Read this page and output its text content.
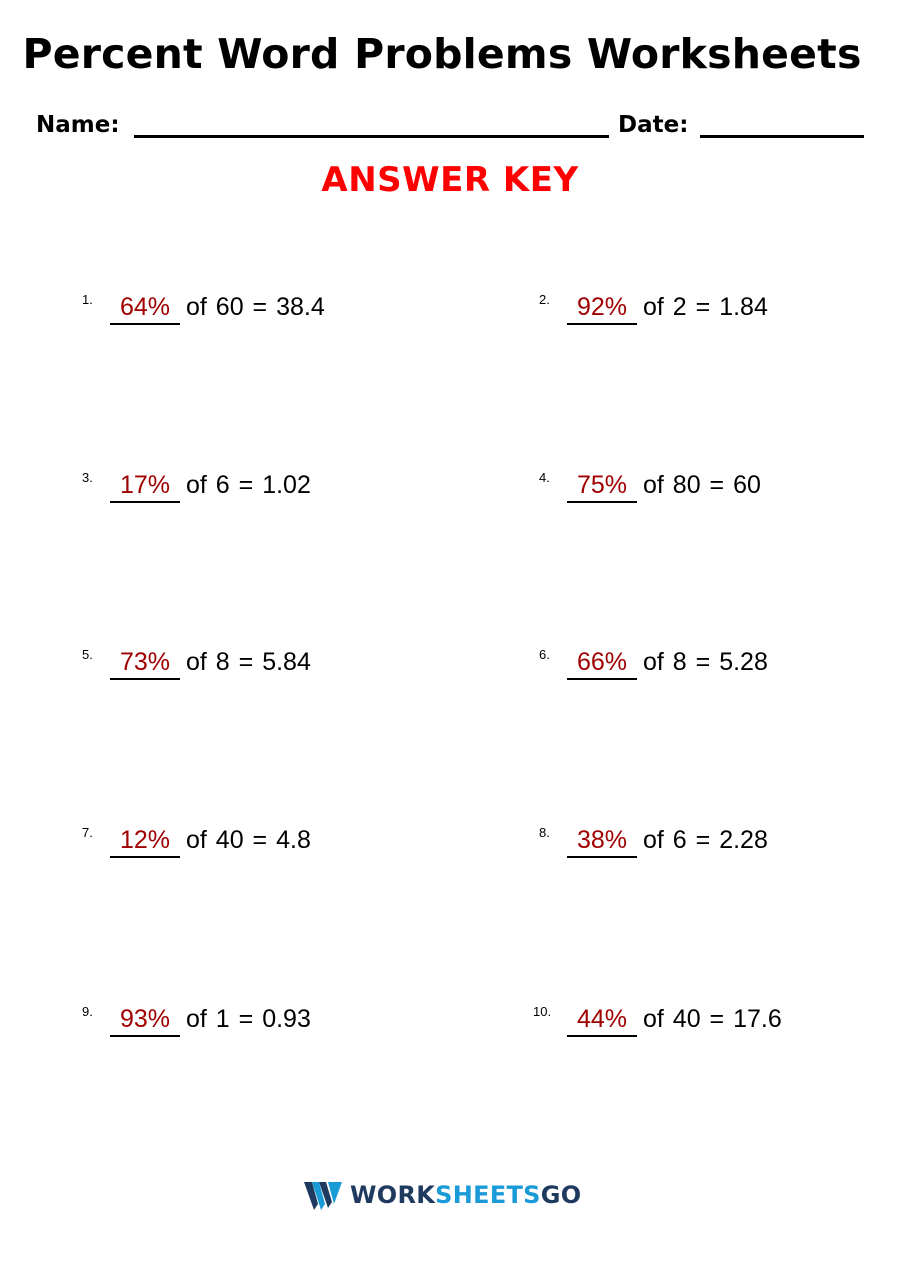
Percent Word Problems Worksheets
Name:	Date:
ANSWER KEY
1.	64% of 60 = 38.4	2.	92% of 2 = 1.84
3.	17% of 6 = 1.02	4.	75% of 80 = 60
5.	73% of 8 = 5.84	6.	66% of 8 = 5.28
7.	12% of 40 = 4.8	8.	38% of 6 = 2.28
9.	93% of 1 = 0.93	10.	44% of 40 = 17.6
WORKSHEETSGO
